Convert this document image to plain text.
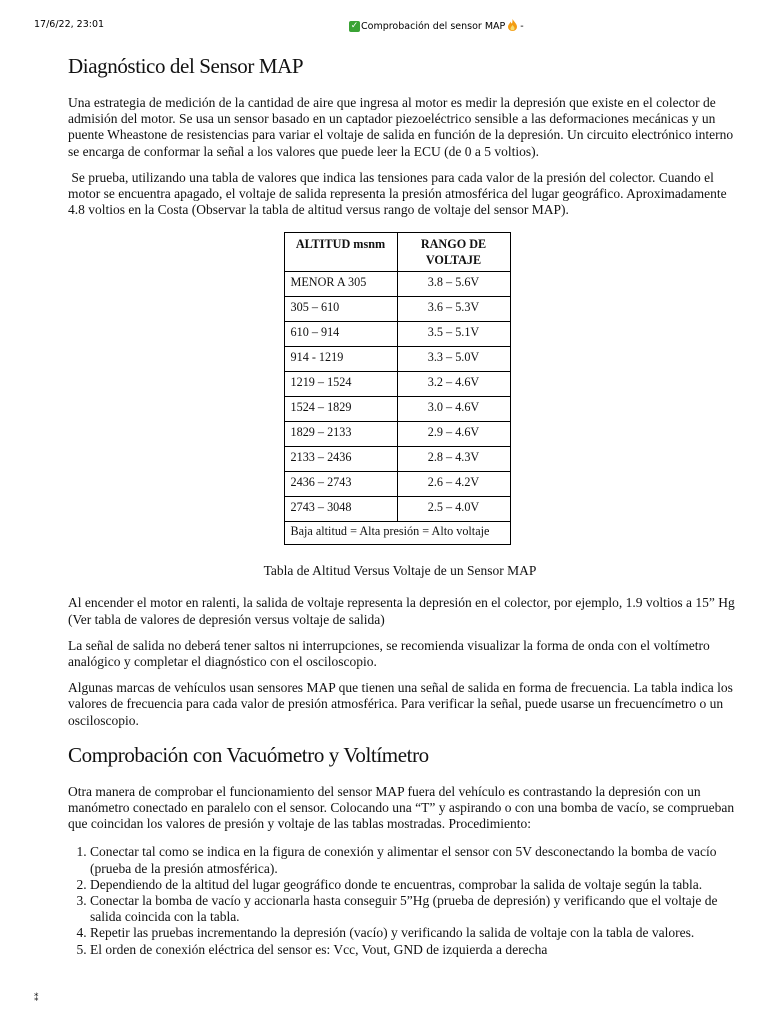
17/6/22, 23:01	✓ Comprobación del sensor MAP -
Diagnóstico del Sensor MAP

Una estrategia de medición de la cantidad de aire que ingresa al motor es medir la depresión que existe en el colector de admisión del motor. Se usa un sensor basado en un captador piezoeléctrico sensible a las deformaciones mecánicas y un puente Wheastone de resistencias para variar el voltaje de salida en función de la depresión. Un circuito electrónico interno se encarga de conformar la señal a los valores que puede leer la ECU (de 0 a 5 voltios).

Se prueba, utilizando una tabla de valores que indica las tensiones para cada valor de la presión del colector. Cuando el motor se encuentra apagado, el voltaje de salida representa la presión atmosférica del lugar geográfico. Aproximadamente 4.8 voltios en la Costa (Observar la tabla de altitud versus rango de voltaje del sensor MAP).

ALTITUD msnm	RANGO DE VOLTAJE
MENOR A 305	3.8 – 5.6V
305 – 610	3.6 – 5.3V
610 – 914	3.5 – 5.1V
914 - 1219	3.3 – 5.0V
1219 – 1524	3.2 – 4.6V
1524 – 1829	3.0 – 4.6V
1829 – 2133	2.9 – 4.6V
2133 – 2436	2.8 – 4.3V
2436 – 2743	2.6 – 4.2V
2743 – 3048	2.5 – 4.0V
Baja altitud = Alta presión = Alto voltaje	
Tabla de Altitud Versus Voltaje de un Sensor MAP

Al encender el motor en ralenti, la salida de voltaje representa la depresión en el colector, por ejemplo, 1.9 voltios a 15” Hg (Ver tabla de valores de depresión versus voltaje de salida)

La señal de salida no deberá tener saltos ni interrupciones, se recomienda visualizar la forma de onda con el voltímetro analógico y completar el diagnóstico con el osciloscopio.

Algunas marcas de vehículos usan sensores MAP que tienen una señal de salida en forma de frecuencia. La tabla indica los valores de frecuencia para cada valor de presión atmosférica. Para verificar la señal, puede usarse un frecuencímetro o un osciloscopio.

Comprobación con Vacuómetro y Voltímetro

Otra manera de comprobar el funcionamiento del sensor MAP fuera del vehículo es contrastando la depresión con un manómetro conectado en paralelo con el sensor. Colocando una “T” y aspirando o con una bomba de vacío, se comprueban que coincidan los valores de presión y voltaje de las tablas mostradas. Procedimiento:

1. Conectar tal como se indica en la figura de conexión y alimentar el sensor con 5V desconectando la bomba de vacío (prueba de la presión atmosférica).
2. Dependiendo de la altitud del lugar geográfico donde te encuentras, comprobar la salida de voltaje según la tabla.
3. Conectar la bomba de vacío y accionarla hasta conseguir 5”Hg (prueba de depresión) y verificando que el voltaje de salida coincida con la tabla.
4. Repetir las pruebas incrementando la depresión (vacío) y verificando la salida de voltaje con la tabla de valores.
5. El orden de conexión eléctrica del sensor es: Vcc, Vout, GND de izquierda a derecha
⁑
